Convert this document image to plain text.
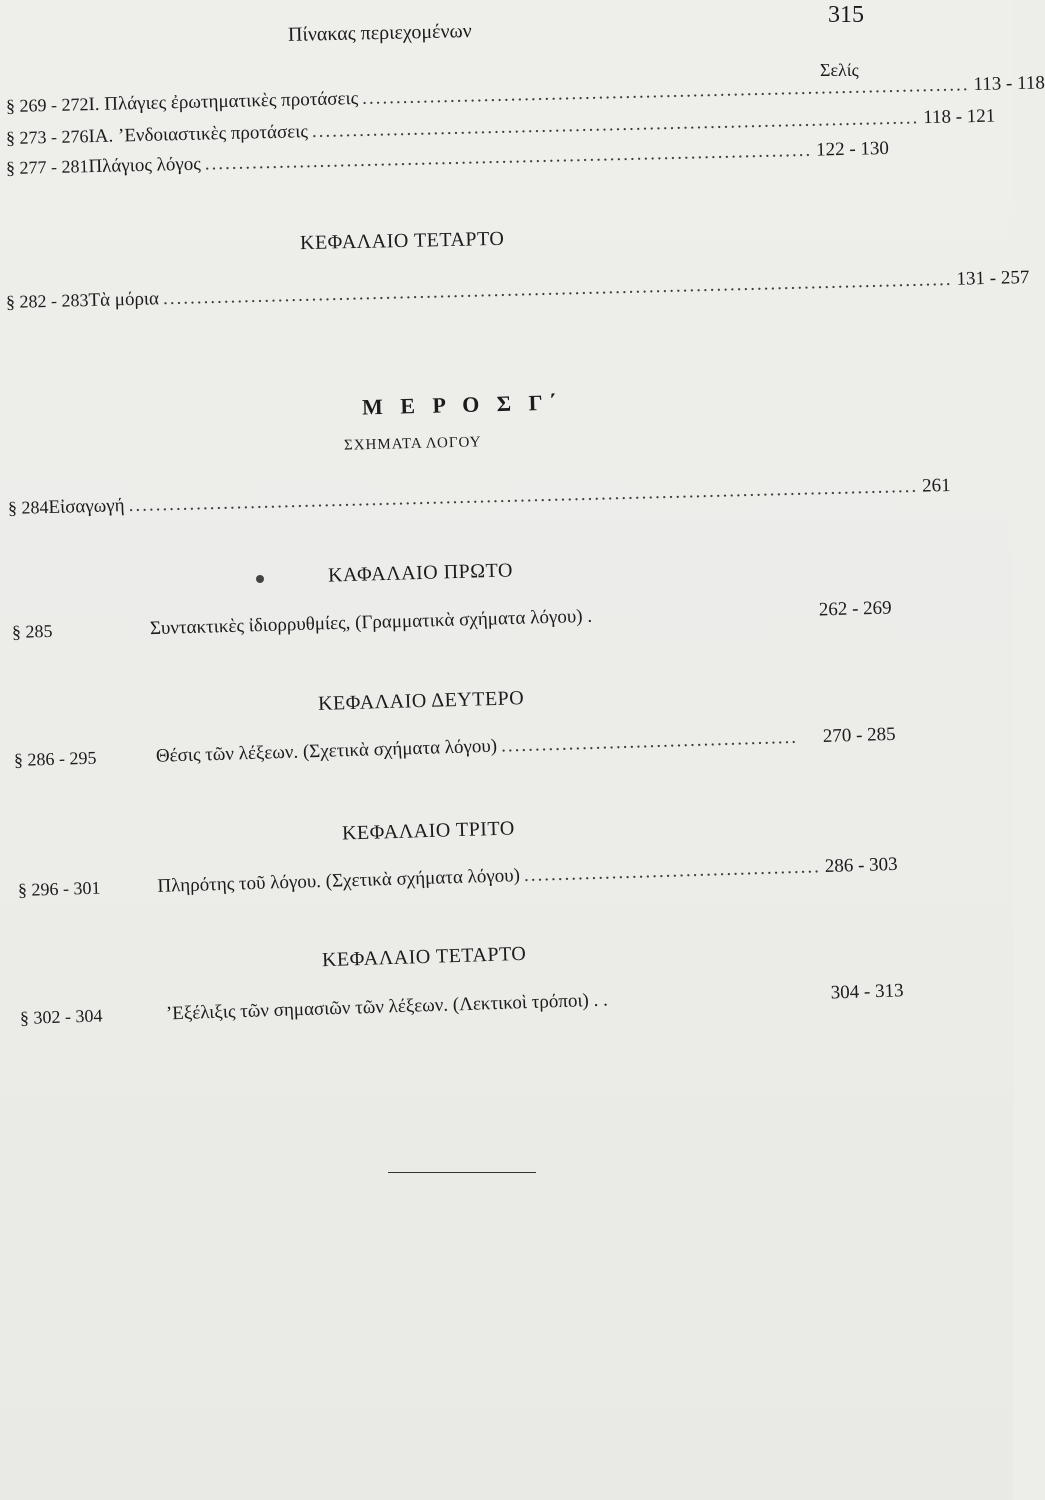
Πίνακας περιεχομένων
315
Σελίς
§ 269 - 272 I. Πλάγιες ἐρωτηματικὲς προτάσεις .......................................................................................... 113 - 118
§ 273 - 276 IA. ’Ενδοιαστικὲς προτάσεις .......................................................................................... 118 - 121
§ 277 - 281 Πλάγιος λόγος .......................................................................................... 122 - 130
ΚΕΦΑΛΑΙΟ ΤΕΤΑΡΤΟ
§ 282 - 283 Τὰ μόρια ..................................................................................................................... 131 - 257
Μ Ε Ρ Ο Σ Γ΄
ΣΧΗΜΑΤΑ ΛΟΓΟΥ
§ 284 Εἰσαγωγή ..................................................................................................................... 261
ΚΑΦΑΛΑΙΟ ΠΡΩΤΟ
§ 285	Συντακτικὲς ἰδιορρυθμίες, (Γραμματικὰ σχήματα λόγου) .	262 - 269
ΚΕΦΑΛΑΙΟ ΔΕΥΤΕΡΟ
§ 286 - 295	Θέσις τῶν λέξεων. (Σχετικὰ σχήματα λόγου) ............................................	270 - 285
ΚΕΦΑΛΑΙΟ ΤΡΙΤΟ
§ 296 - 301	Πληρότης τοῦ λόγου. (Σχετικὰ σχήματα λόγου) ............................................ 286 - 303
ΚΕΦΑΛΑΙΟ ΤΕΤΑΡΤΟ
§ 302 - 304	’Εξέλιξις τῶν σημασιῶν τῶν λέξεων. (Λεκτικοὶ τρόποι) . .	304 - 313
